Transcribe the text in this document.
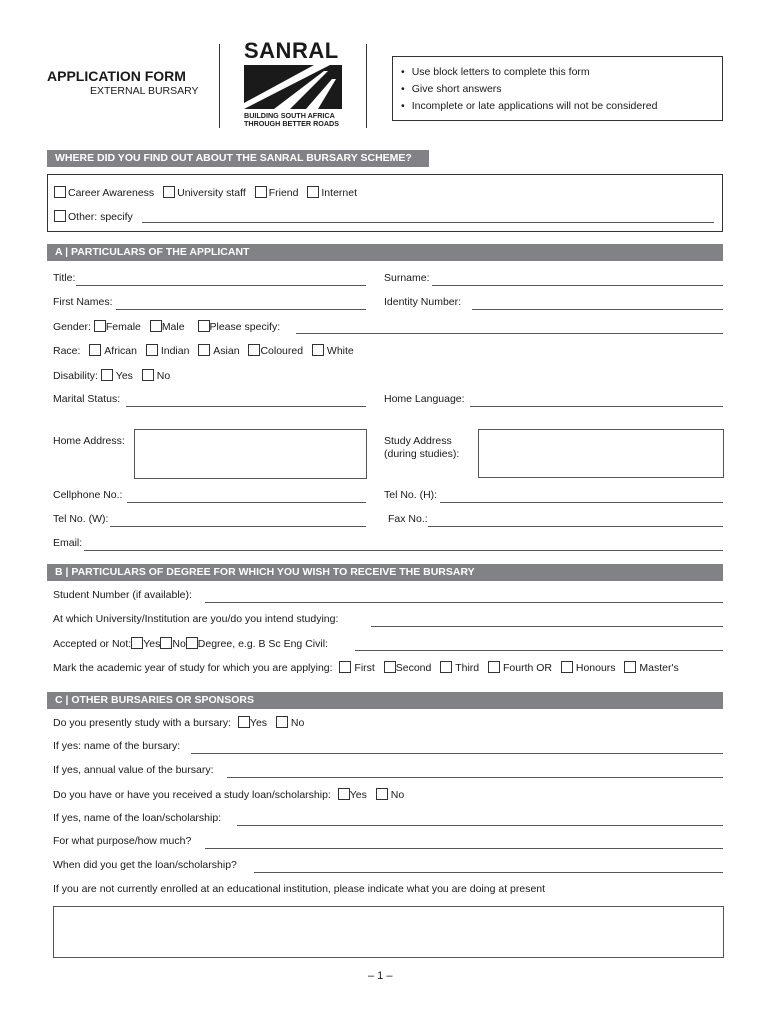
APPLICATION FORM
EXTERNAL BURSARY
SANRAL
BUILDING SOUTH AFRICA
THROUGH BETTER ROADS
• Use block letters to complete this form
• Give short answers
• Incomplete or late applications will not be considered
WHERE DID YOU FIND OUT ABOUT THE SANRAL BURSARY SCHEME?
Career Awareness University staff Friend Internet
Other: specify
A | PARTICULARS OF THE APPLICANT
Title:	Surname:
First Names:	Identity Number:
Gender: Female Male Please specify:
Race: African Indian Asian Coloured White
Disability: Yes No
Marital Status:	Home Language:
Home Address:	Study Address
(during studies):
Cellphone No.:	Tel No. (H):
Tel No. (W):	Fax No.:
Email:
B | PARTICULARS OF DEGREE FOR WHICH YOU WISH TO RECEIVE THE BURSARY
Student Number (if available):
At which University/Institution are you/do you intend studying:
Accepted or Not: Yes No Degree, e.g. B Sc Eng Civil:
Mark the academic year of study for which you are applying: First Second Third Fourth OR Honours Master's
C | OTHER BURSARIES OR SPONSORS
Do you presently study with a bursary: Yes No
If yes: name of the bursary:
If yes, annual value of the bursary:
Do you have or have you received a study loan/scholarship: Yes No
If yes, name of the loan/scholarship:
For what purpose/how much?
When did you get the loan/scholarship?
If you are not currently enrolled at an educational institution, please indicate what you are doing at present
– 1 –
